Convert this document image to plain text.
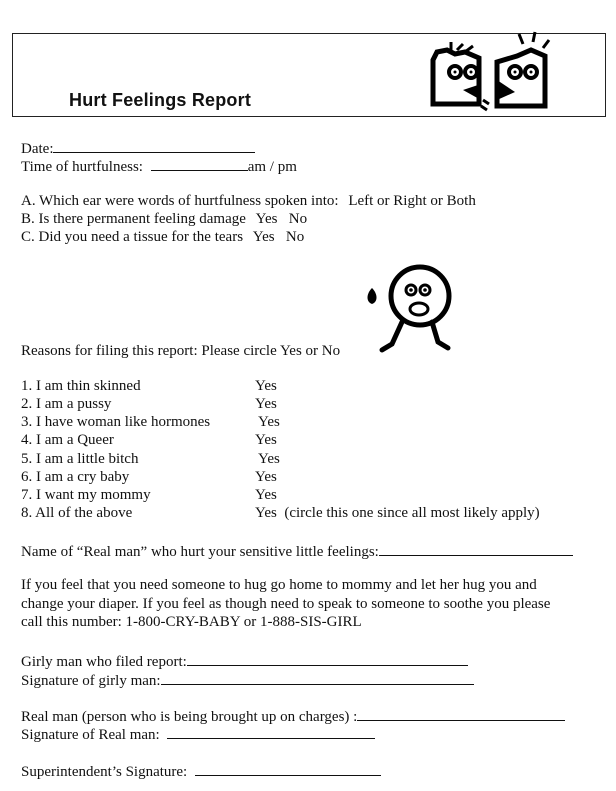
Hurt Feelings Report
Date:
Time of hurtfulness:	am / pm
A. Which ear were words of hurtfulness spoken into: Left or Right or Both
B. Is there permanent feeling damage Yes   No
C. Did you need a tissue for the tears Yes   No
Reasons for filing this report: Please circle Yes or No
1. I am thin skinned	Yes
2. I am a pussy	Yes
3. I have woman like hormones	Yes
4. I am a Queer	Yes
5. I am a little bitch	Yes
6. I am a cry baby	Yes
7. I want my mommy	Yes
8. All of the above	Yes  (circle this one since all most likely apply)
Name of “Real man” who hurt your sensitive little feelings:
If you feel that you need someone to hug go home to mommy and let her hug you and
change your diaper. If you feel as though need to speak to someone to soothe you please
call this number: 1-800-CRY-BABY or 1-888-SIS-GIRL
Girly man who filed report:
Signature of girly man:
Real man (person who is being brought up on charges) :
Signature of Real man:
Superintendent’s Signature:
